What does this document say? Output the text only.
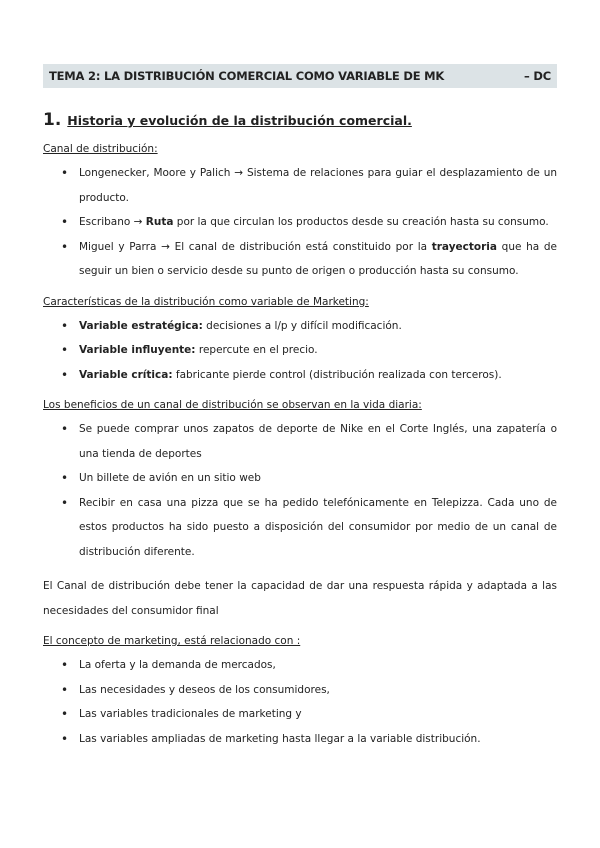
TEMA 2: LA DISTRIBUCIÓN COMERCIAL COMO VARIABLE DE MK	– DC
1. Historia y evolución de la distribución comercial.

Canal de distribución:

• Longenecker, Moore y Palich → Sistema de relaciones para guiar el desplazamiento de un producto.
• Escribano → Ruta por la que circulan los productos desde su creación hasta su consumo.
• Miguel y Parra → El canal de distribución está constituido por la trayectoria que ha de seguir un bien o servicio desde su punto de origen o producción hasta su consumo.

Características de la distribución como variable de Marketing:

• Variable estratégica: decisiones a l/p y difícil modificación.
• Variable influyente: repercute en el precio.
• Variable crítica: fabricante pierde control (distribución realizada con terceros).

Los beneficios de un canal de distribución se observan en la vida diaria:

• Se puede comprar unos zapatos de deporte de Nike en el Corte Inglés, una zapatería o una tienda de deportes
• Un billete de avión en un sitio web
• Recibir en casa una pizza que se ha pedido telefónicamente en Telepizza. Cada uno de estos productos ha sido puesto a disposición del consumidor por medio de un canal de distribución diferente.

El Canal de distribución debe tener la capacidad de dar una respuesta rápida y adaptada a las necesidades del consumidor final

El concepto de marketing, está relacionado con :

• La oferta y la demanda de mercados,
• Las necesidades y deseos de los consumidores,
• Las variables tradicionales de marketing y
• Las variables ampliadas de marketing hasta llegar a la variable distribución.
